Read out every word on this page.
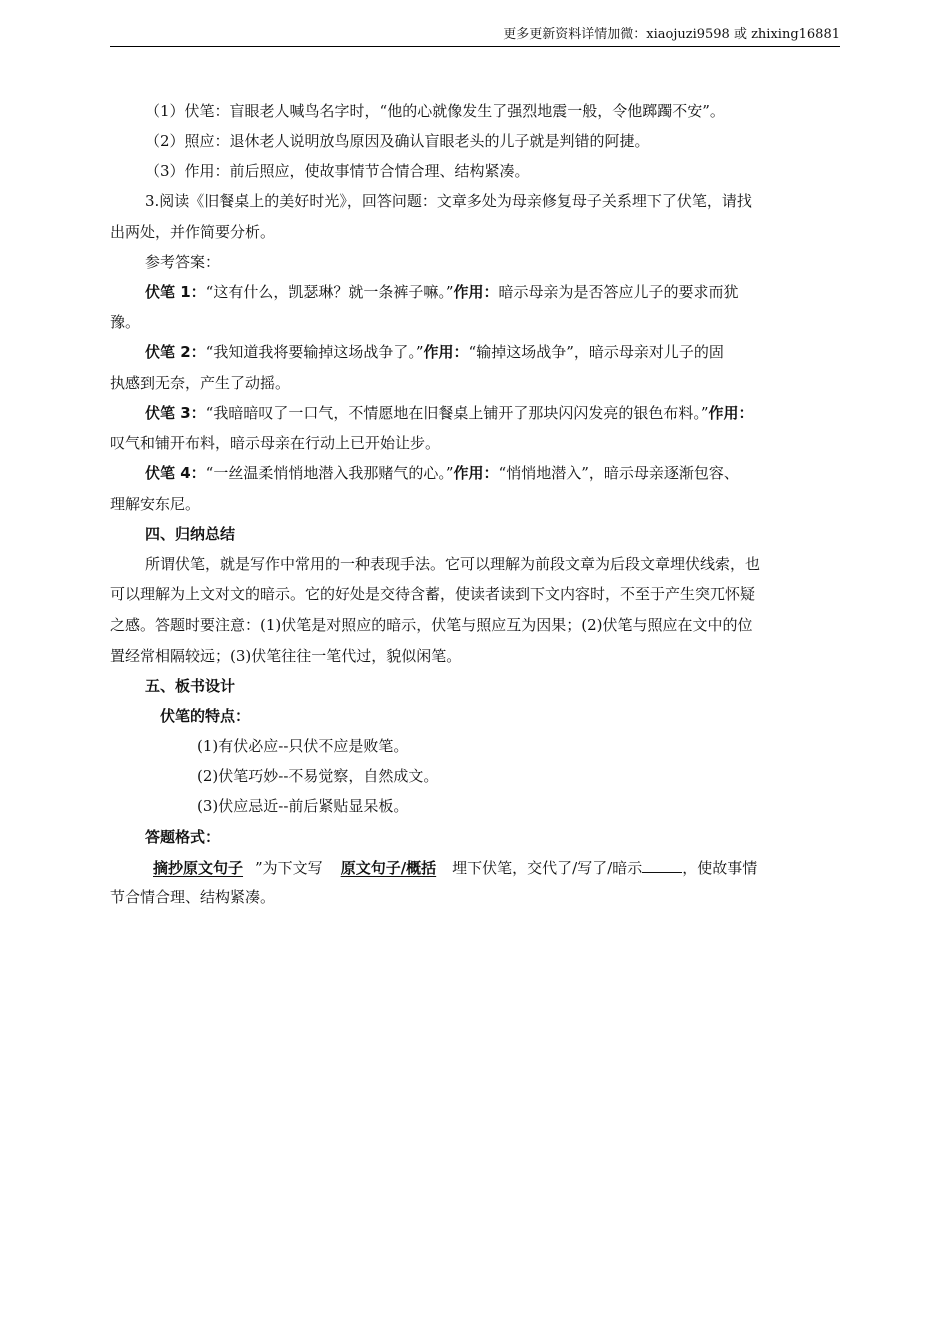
更多更新资料详情加微：xiaojuzi9598 或 zhixing16881
（1）伏笔：盲眼老人喊鸟名字时，“他的心就像发生了强烈地震一般，令他踯躅不安”。
（2）照应：退休老人说明放鸟原因及确认盲眼老头的儿子就是判错的阿捷。
（3）作用：前后照应，使故事情节合情合理、结构紧凑。
3.阅读《旧餐桌上的美好时光》，回答问题：文章多处为母亲修复母子关系埋下了伏笔，请找
出两处，并作简要分析。
参考答案：
伏笔 1：“这有什么，凯瑟琳？就一条裤子嘛。”作用：暗示母亲为是否答应儿子的要求而犹
豫。
伏笔 2：“我知道我将要输掉这场战争了。”作用：“输掉这场战争”，暗示母亲对儿子的固
执感到无奈，产生了动摇。
伏笔 3：“我暗暗叹了一口气，不情愿地在旧餐桌上铺开了那块闪闪发亮的银色布料。”作用：
叹气和铺开布料，暗示母亲在行动上已开始让步。
伏笔 4：“一丝温柔悄悄地潜入我那赌气的心。”作用：“悄悄地潜入”，暗示母亲逐渐包容、
理解安东尼。
四、归纳总结
所谓伏笔，就是写作中常用的一种表现手法。它可以理解为前段文章为后段文章埋伏线索，也
可以理解为上文对文的暗示。它的好处是交待含蓄，使读者读到下文内容时，不至于产生突兀怀疑
之感。答题时要注意：(1)伏笔是对照应的暗示，伏笔与照应互为因果；(2)伏笔与照应在文中的位
置经常相隔较远；(3)伏笔往往一笔代过，貌似闲笔。
五、板书设计
伏笔的特点：
(1)有伏必应--只伏不应是败笔。
(2)伏笔巧妙--不易觉察，自然成文。
(3)伏应忌近--前后紧贴显呆板。
答题格式：
摘抄原文句子 ”为下文写 原文句子/概括 埋下伏笔，交代了/写了/暗示	，使故事情
节合情合理、结构紧凑。
